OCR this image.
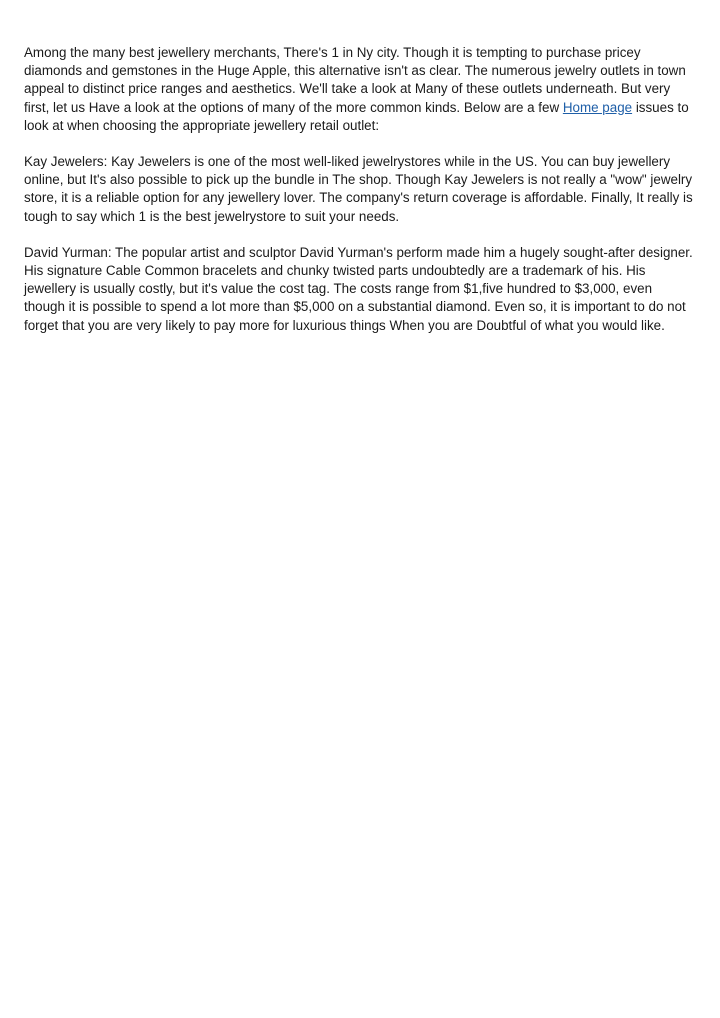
Among the many best jewellery merchants, There's 1 in Ny city. Though it is tempting to purchase pricey diamonds and gemstones in the Huge Apple, this alternative isn't as clear. The numerous jewelry outlets in town appeal to distinct price ranges and aesthetics. We'll take a look at Many of these outlets underneath. But very first, let us Have a look at the options of many of the more common kinds. Below are a few Home page issues to look at when choosing the appropriate jewellery retail outlet:

Kay Jewelers: Kay Jewelers is one of the most well-liked jewelrystores while in the US. You can buy jewellery online, but It's also possible to pick up the bundle in The shop. Though Kay Jewelers is not really a "wow" jewelry store, it is a reliable option for any jewellery lover. The company's return coverage is affordable. Finally, It really is tough to say which 1 is the best jewelrystore to suit your needs.

David Yurman: The popular artist and sculptor David Yurman's perform made him a hugely sought-after designer. His signature Cable Common bracelets and chunky twisted parts undoubtedly are a trademark of his. His jewellery is usually costly, but it's value the cost tag. The costs range from $1,five hundred to $3,000, even though it is possible to spend a lot more than $5,000 on a substantial diamond. Even so, it is important to do not forget that you are very likely to pay more for luxurious things When you are Doubtful of what you would like.
